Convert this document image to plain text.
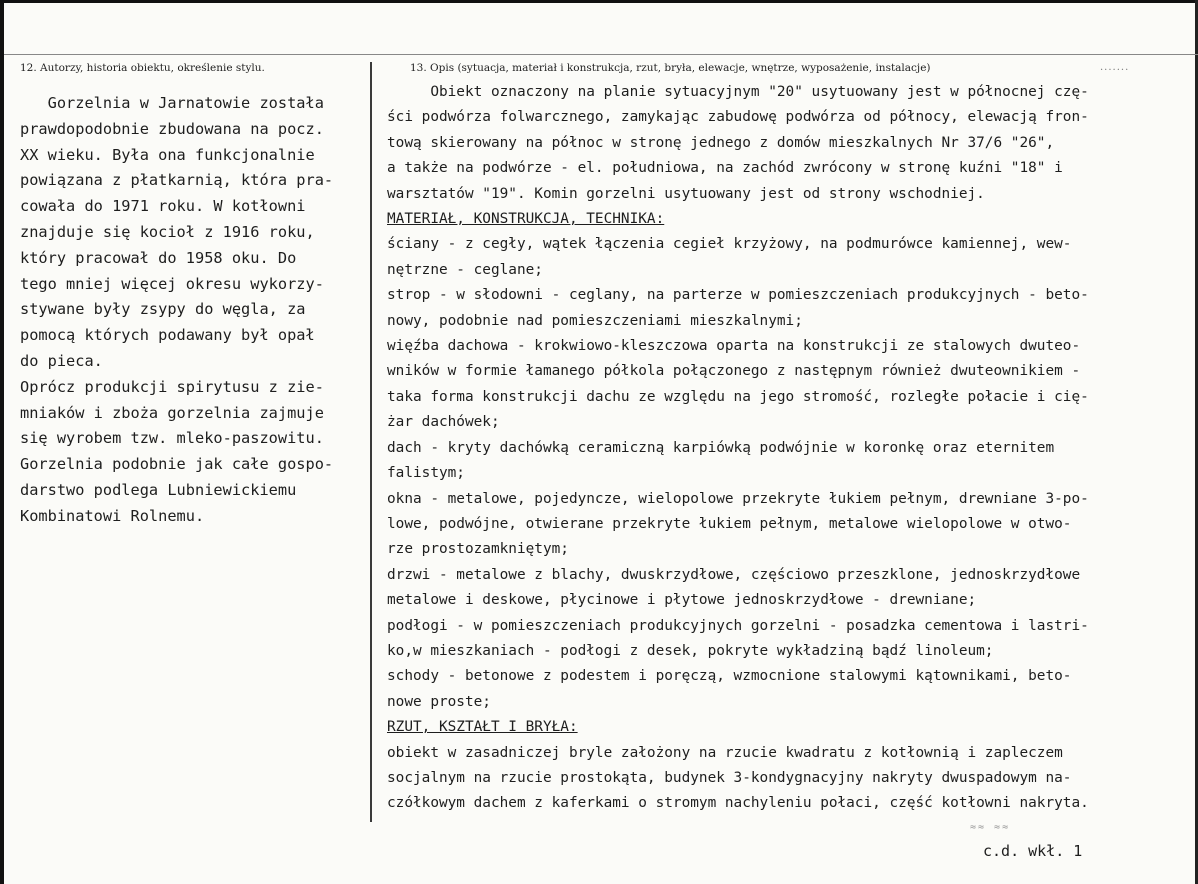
12. Autorzy, historia obiektu, określenie stylu.	13. Opis (sytuacja, materiał i konstrukcja, rzut, bryła, elewacje, wnętrze, wyposażenie, instalacje)	.......

Gorzelnia w Jarnatowie została

prawdopodobnie zbudowana na pocz.

XX wieku. Była ona funkcjonalnie

powiązana z płatkarnią, która pra-

cowała do 1971 roku. W kotłowni

znajduje się kocioł z 1916 roku,

który pracował do 1958 oku. Do

tego mniej więcej okresu wykorzy-

stywane były zsypy do węgla, za

pomocą których podawany był opał

do pieca.

Oprócz produkcji spirytusu z zie-

mniaków i zboża gorzelnia zajmuje

się wyrobem tzw. mleko-paszowitu.

Gorzelnia podobnie jak całe gospo-

darstwo podlega Lubniewickiemu

Kombinatowi Rolnemu.

Obiekt oznaczony na planie sytuacyjnym "20" usytuowany jest w północnej czę-

ści podwórza folwarcznego, zamykając zabudowę podwórza od północy, elewacją fron-

tową skierowany na północ w stronę jednego z domów mieszkalnych Nr 37/6 "26",

a także na podwórze - el. południowa, na zachód zwrócony w stronę kuźni "18" i

warsztatów "19". Komin gorzelni usytuowany jest od strony wschodniej.

MATERIAŁ, KONSTRUKCJA, TECHNIKA:

ściany - z cegły, wątek łączenia cegieł krzyżowy, na podmurówce kamiennej, wew-

nętrzne - ceglane;

strop - w słodowni - ceglany, na parterze w pomieszczeniach produkcyjnych - beto-

nowy, podobnie nad pomieszczeniami mieszkalnymi;

więźba dachowa - krokwiowo-kleszczowa oparta na konstrukcji ze stalowych dwuteo-

wników w formie łamanego półkola połączonego z następnym również dwuteownikiem -

taka forma konstrukcji dachu ze względu na jego stromość, rozległe połacie i cię-

żar dachówek;

dach - kryty dachówką ceramiczną karpiówką podwójnie w koronkę oraz eternitem

falistym;

okna - metalowe, pojedyncze, wielopolowe przekryte łukiem pełnym, drewniane 3-po-

lowe, podwójne, otwierane przekryte łukiem pełnym, metalowe wielopolowe w otwo-

rze prostozamkniętym;

drzwi - metalowe z blachy, dwuskrzydłowe, częściowo przeszklone, jednoskrzydłowe

metalowe i deskowe, płycinowe i płytowe jednoskrzydłowe - drewniane;

podłogi - w pomieszczeniach produkcyjnych gorzelni - posadzka cementowa i lastri-

ko,w mieszkaniach - podłogi z desek, pokryte wykładziną bądź linoleum;

schody - betonowe z podestem i poręczą, wzmocnione stalowymi kątownikami, beto-

nowe proste;

RZUT, KSZTAŁT I BRYŁA:

obiekt w zasadniczej bryle założony na rzucie kwadratu z kotłownią i zapleczem

socjalnym na rzucie prostokąta, budynek 3-kondygnacyjny nakryty dwuspadowym na-

czółkowym dachem z kaferkami o stromym nachyleniu połaci, część kotłowni nakryta.

≈≈ ≈≈
c.d. wkł. 1
